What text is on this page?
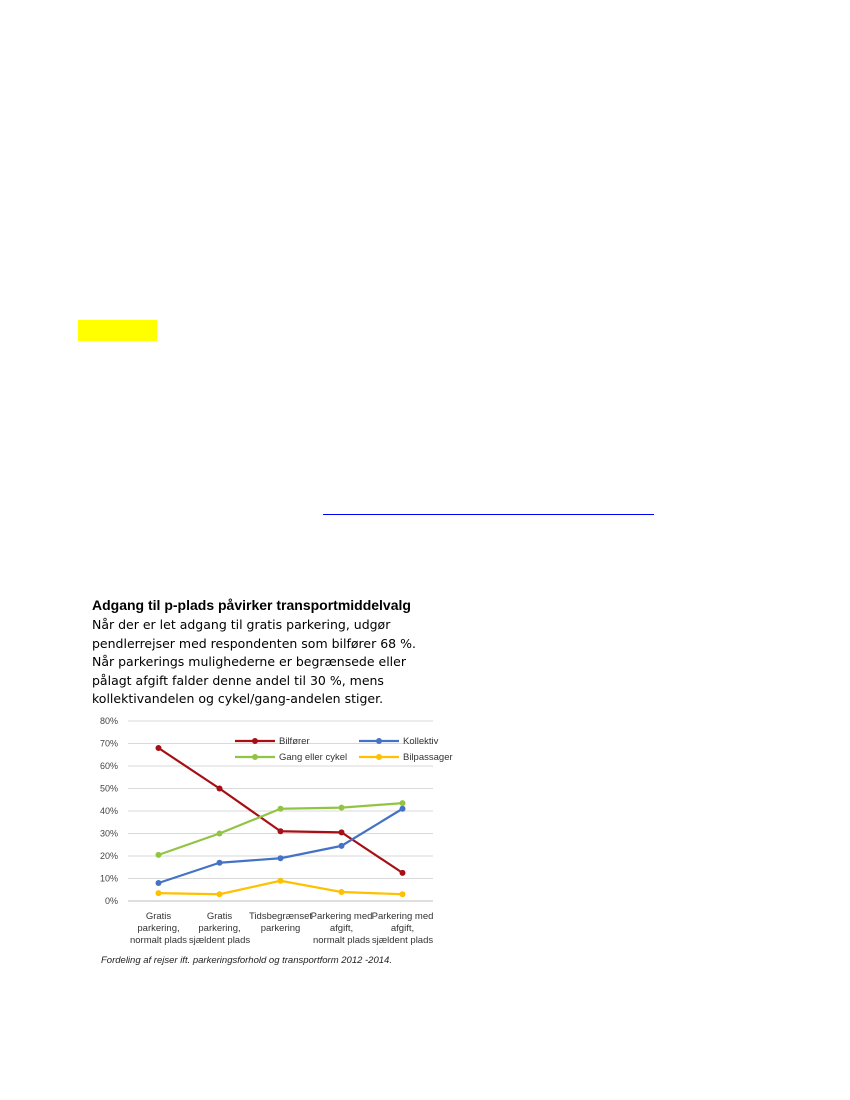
Adgang til p-plads påvirker transportmiddelvalg
Når der er let adgang til gratis parkering, udgør
pendlerrejser med respondenten som bilfører 68 %.
Når parkerings mulighederne er begrænsede eller
pålagt afgift falder denne andel til 30 %, mens
kollektivandelen og cykel/gang-andelen stiger.
0%
10%
20%
30%
40%
50%
60%
70%
80%
Gratis
parkering,
normalt plads
Gratis
parkering,
sjældent plads
Tidsbegrænset
parkering
Parkering med
afgift,
normalt plads
Parkering med
afgift,
sjældent plads
Bilfører	Kollektiv
Gang eller cykel	Bilpassager
Fordeling af rejser ift. parkeringsforhold og transportform 2012 -2014.
